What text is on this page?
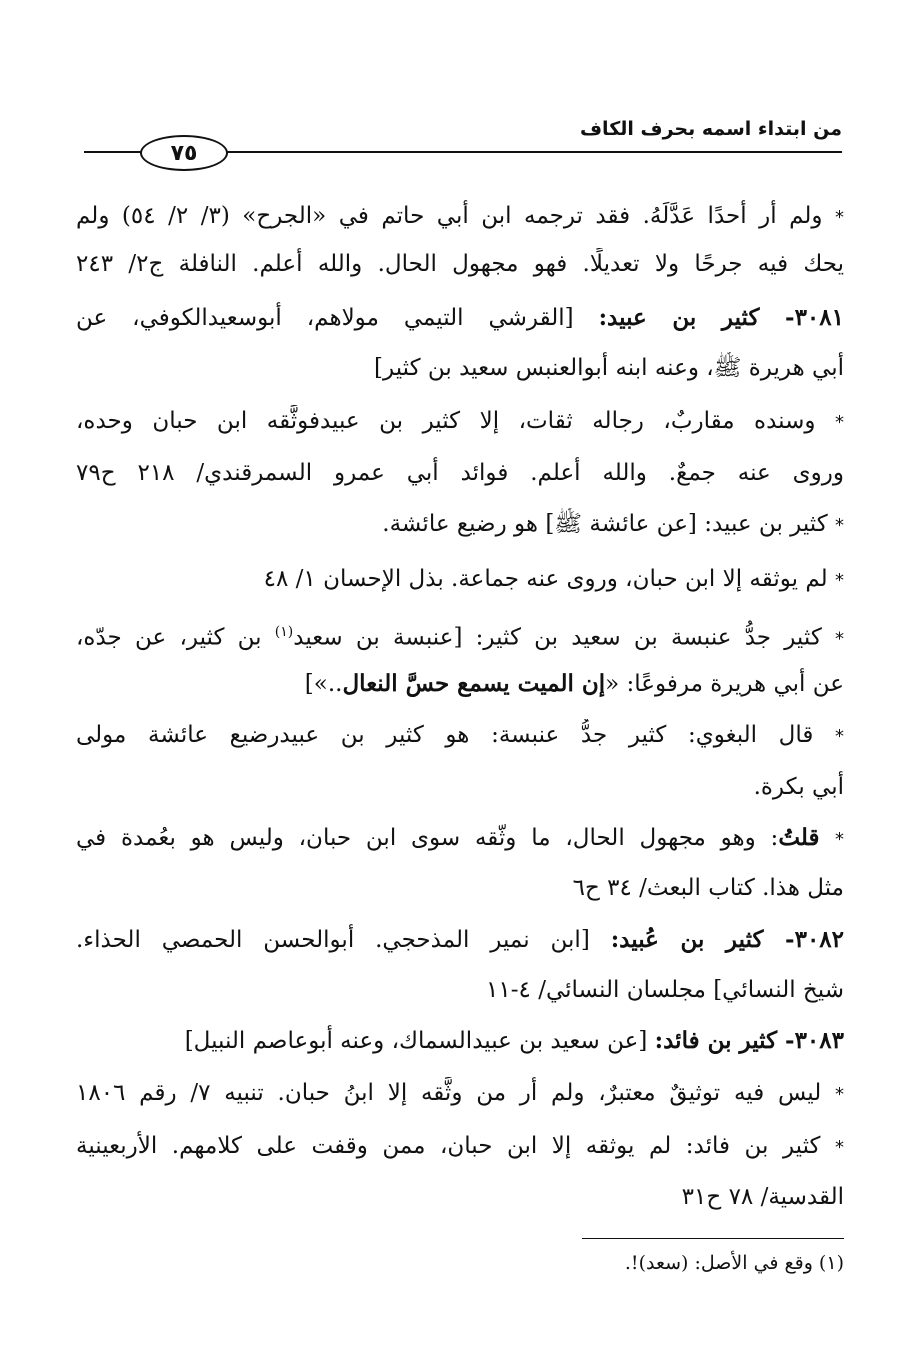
من ابتداء اسمه بحرف الكاف
٧٥
* ولم أر أحدًا عَدَّلَهُ. فقد ترجمه ابن أبي حاتم في «الجرح» (٣/ ٢/ ٥٤) ولم
يحك فيه جرحًا ولا تعديلًا. فهو مجهول الحال. والله أعلم. النافلة ج٢/ ٢٤٣
٣٠٨١- كثير بن عبيد: [القرشي التيمي مولاهم، أبوسعيدالكوفي، عن
أبي هريرة ﷺ، وعنه ابنه أبوالعنبس سعيد بن كثير]
* وسنده مقاربٌ، رجاله ثقات، إلا كثير بن عبيدفوثَّقه ابن حبان وحده،
وروى عنه جمعٌ. والله أعلم. فوائد أبي عمرو السمرقندي/ ٢١٨ ح٧٩
* كثير بن عبيد: [عن عائشة ﷺ] هو رضيع عائشة.
* لم يوثقه إلا ابن حبان، وروى عنه جماعة. بذل الإحسان ١/ ٤٨
* كثير جدُّ عنبسة بن سعيد بن كثير: [عنبسة بن سعيد$^{(١)}$ بن كثير، عن جدّه،
عن أبي هريرة مرفوعًا: «إن الميت يسمع حسَّ النعال..»]
* قال البغوي: كثير جدُّ عنبسة: هو كثير بن عبيدرضيع عائشة مولى
أبي بكرة.
* قلتُ: وهو مجهول الحال، ما وثّقه سوى ابن حبان، وليس هو بعُمدة في
مثل هذا. كتاب البعث/ ٣٤ ح٦
٣٠٨٢- كثير بن عُبيد: [ابن نمير المذحجي. أبوالحسن الحمصي الحذاء.
شيخ النسائي] مجلسان النسائي/ ٤-١١
٣٠٨٣- كثير بن فائد: [عن سعيد بن عبيدالسماك، وعنه أبوعاصم النبيل]
* ليس فيه توثيقٌ معتبرٌ، ولم أر من وثَّقه إلا ابنُ حبان. تنبيه ٧/ رقم ١٨٠٦
* كثير بن فائد: لم يوثقه إلا ابن حبان، ممن وقفت على كلامهم. الأربعينية
القدسية/ ٧٨ ح٣١
(١) وقع في الأصل: (سعد)!.
